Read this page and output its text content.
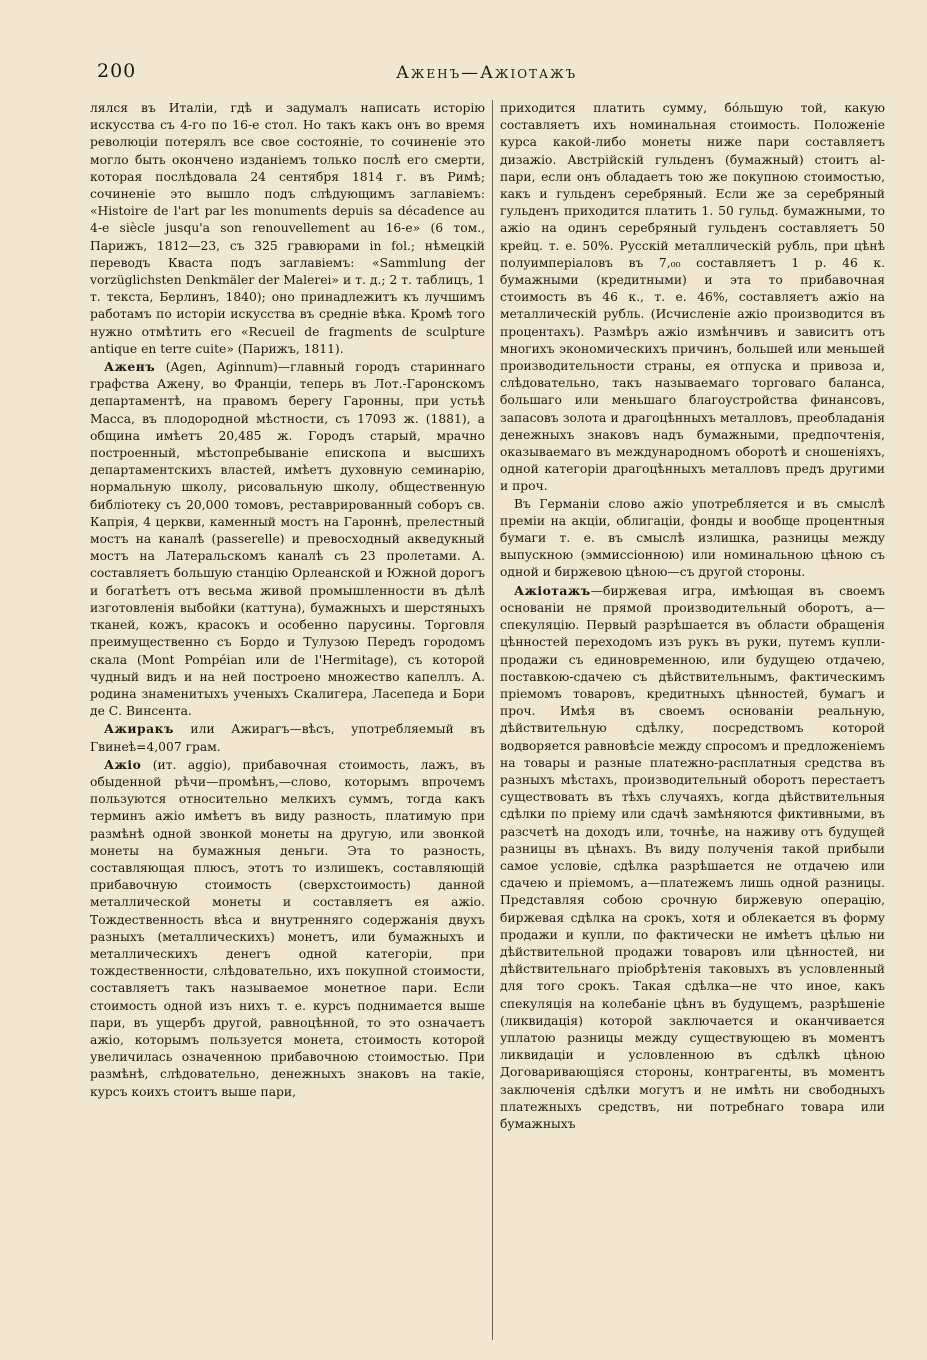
200	Аженъ—Ажіотажъ

лялся въ Италіи, гдѣ и задумалъ написать исторію искусства съ 4-го по 16-е стол. Но такъ какъ онъ во время революціи потерялъ все свое состояніе, то сочиненіе это могло быть окончено изданіемъ только послѣ его смерти, которая послѣдовала 24 сентября 1814 г. въ Римѣ; сочиненіе это вышло подъ слѣдующимъ заглавіемъ: «Histoire de l'art par les monuments depuis sa décadence au 4-e siècle jusqu'a son renouvellement au 16-e» (6 том., Парижъ, 1812—23, съ 325 гравюрами in fol.; нѣмецкій переводъ Кваста подъ заглавіемъ: «Sammlung der vorzüglichsten Denkmäler der Malerei» и т. д.; 2 т. таблицъ, 1 т. текста, Берлинъ, 1840); оно принадлежитъ къ лучшимъ работамъ по исторіи искусства въ средніе вѣка. Кромѣ того нужно отмѣтить его «Recueil de fragments de sculpture antique en terre cuite» (Парижъ, 1811).

Аженъ (Agen, Aginnum)—главный городъ стариннаго графства Ажену, во Франціи, теперь въ Лот.-Гаронскомъ департаментѣ, на правомъ берегу Гаронны, при устьѣ Масса, въ плодородной мѣстности, съ 17093 ж. (1881), а община имѣетъ 20,485 ж. Городъ старый, мрачно построенный, мѣстопребываніе епископа и высшихъ департаментскихъ властей, имѣетъ духовную семинарію, нормальную школу, рисовальную школу, общественную библіотеку съ 20,000 томовъ, реставрированный соборъ св. Капрія, 4 церкви, каменный мостъ на Гароннѣ, прелестный мостъ на каналѣ (passerelle) и превосходный акведукный мостъ на Латеральскомъ каналѣ съ 23 пролетами. А. составляетъ большую станцію Орлеанской и Южной дорогъ и богатѣетъ отъ весьма живой промышленности въ дѣлѣ изготовленія выбойки (каттуна), бумажныхъ и шерстяныхъ тканей, кожъ, красокъ и особенно парусины. Торговля преимущественно съ Бордо и Тулузою Передъ городомъ скала (Mont Pompéian или de l'Hermitage), съ которой чудный видъ и на ней построено множество капеллъ. А. родина знаменитыхъ ученыхъ Скалигера, Ласепеда и Бори де С. Винсента.

Ажиракъ или Ажирагъ—вѣсъ, употребляемый въ Гвинеѣ=4,007 грам.

Ажіо (ит. aggio), прибавочная стоимость, лажъ, въ обыденной рѣчи—промѣнъ,—слово, которымъ впрочемъ пользуются относительно мелкихъ суммъ, тогда какъ терминъ ажіо имѣетъ въ виду разность, платимую при размѣнѣ одной звонкой монеты на другую, или звонкой монеты на бумажныя деньги. Эта то разность, составляющая плюсъ, этотъ то излишекъ, составляющій прибавочную стоимость (сверхстоимость) данной металлической монеты и составляетъ ея ажіо. Тождественность вѣса и внутренняго содержанія двухъ разныхъ (металлическихъ) монетъ, или бумажныхъ и металлическихъ денегъ одной категоріи, при тождественности, слѣдовательно, ихъ покупной стоимости, составляетъ такъ называемое монетное пари. Если стоимость одной изъ нихъ т. е. курсъ поднимается выше пари, въ ущербъ другой, равноцѣнной, то это означаетъ ажіо, которымъ пользуется монета, стоимость которой увеличилась означенною прибавочною стоимостью. При размѣнѣ, слѣдовательно, денежныхъ знаковъ на такіе, курсъ коихъ стоитъ выше пари,

приходится платить сумму, бóльшую той, какую составляетъ ихъ номинальная стоимость. Положеніе курса какой-либо монеты ниже пари составляетъ дизажіо. Австрійскій гульденъ (бумажный) стоитъ al-пари, если онъ обладаетъ тою же покупною стоимостью, какъ и гульденъ серебряный. Если же за серебряный гульденъ приходится платить 1. 50 гульд. бумажными, то ажіо на одинъ серебряный гульденъ составляетъ 50 крейц. т. е. 50%. Русскій металлическій рубль, при цѣнѣ полуимперіаловъ въ 7,₀₀ составляетъ 1 р. 46 к. бумажными (кредитными) и эта то прибавочная стоимость въ 46 к., т. е. 46%, составляетъ ажіо на металлическій рубль. (Исчисленіе ажіо производится въ процентахъ). Размѣръ ажіо измѣнчивъ и зависитъ отъ многихъ экономическихъ причинъ, большей или меньшей производительности страны, ея отпуска и привоза и, слѣдовательно, такъ называемаго торговаго баланса, большаго или меньшаго благоустройства финансовъ, запасовъ золота и драгоцѣнныхъ металловъ, преобладанія денежныхъ знаковъ надъ бумажными, предпочтенія, оказываемаго въ международномъ оборотѣ и сношеніяхъ, одной категоріи драгоцѣнныхъ металловъ предъ другими и проч.

Въ Германіи слово ажіо употребляется и въ смыслѣ преміи на акціи, облигаціи, фонды и вообще процентныя бумаги т. е. въ смыслѣ излишка, разницы между выпускною (эммиссіонною) или номинальною цѣною съ одной и биржевою цѣною—съ другой стороны.

Ажіотажъ—биржевая игра, имѣющая въ своемъ основаніи не прямой производительный оборотъ, а—спекуляцію. Первый разрѣшается въ области обращенія цѣнностей переходомъ изъ рукъ въ руки, путемъ купли-продажи съ единовременною, или будущею отдачею, поставкою-сдачею съ дѣйствительнымъ, фактическимъ пріемомъ товаровъ, кредитныхъ цѣнностей, бумагъ и проч. Имѣя въ своемъ основаніи реальную, дѣйствительную сдѣлку, посредствомъ которой водворяется равновѣсіе между спросомъ и предложеніемъ на товары и разные платежно-расплатныя средства въ разныхъ мѣстахъ, производительный оборотъ перестаетъ существовать въ тѣхъ случаяхъ, когда дѣйствительныя сдѣлки по пріему или сдачѣ замѣняются фиктивными, въ разсчетѣ на доходъ или, точнѣе, на наживу отъ будущей разницы въ цѣнахъ. Въ виду полученія такой прибыли самое условіе, сдѣлка разрѣшается не отдачею или сдачею и пріемомъ, а—платежемъ лишь одной разницы. Представляя собою срочную биржевую операцію, биржевая сдѣлка на срокъ, хотя и облекается въ форму продажи и купли, по фактически не имѣетъ цѣлью ни дѣйствительной продажи товаровъ или цѣнностей, ни дѣйствительнаго пріобрѣтенія таковыхъ въ условленный для того срокъ. Такая сдѣлка—не что иное, какъ спекуляція на колебаніе цѣнъ въ будущемъ, разрѣшеніе (ликвидація) которой заключается и оканчивается уплатою разницы между существующею въ моментъ ликвидаціи и условленною въ сдѣлкѣ цѣною Договаривающіяся стороны, контрагенты, въ моментъ заключенія сдѣлки могутъ и не имѣть ни свободныхъ платежныхъ средствъ, ни потребнаго товара или бумажныхъ
